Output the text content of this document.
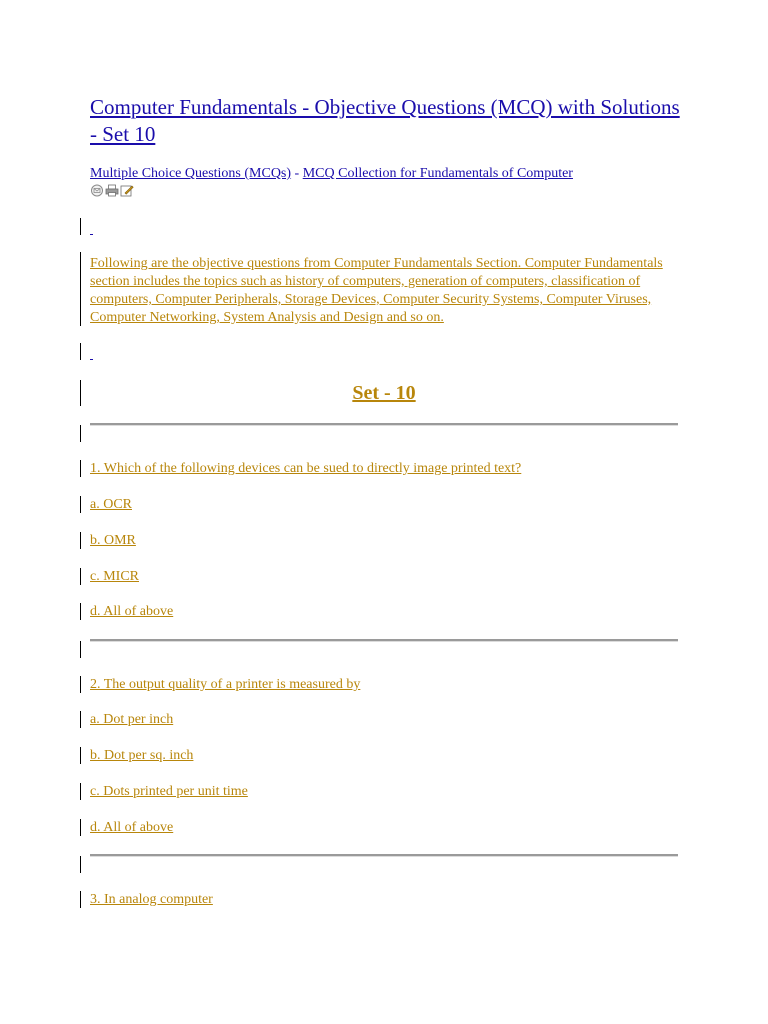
Computer Fundamentals - Objective Questions (MCQ) with Solutions - Set 10
Multiple Choice Questions (MCQs) - MCQ Collection for Fundamentals of Computer

Following are the objective questions from Computer Fundamentals Section. Computer Fundamentals section includes the topics such as history of computers, generation of computers, classification of computers, Computer Peripherals, Storage Devices, Computer Security Systems, Computer Viruses, Computer Networking, System Analysis and Design and so on.

Set - 10
1. Which of the following devices can be sued to directly image printed text?
a. OCR
b. OMR
c. MICR
d. All of above
2. The output quality of a printer is measured by
a. Dot per inch
b. Dot per sq. inch
c. Dots printed per unit time
d. All of above
3. In analog computer
